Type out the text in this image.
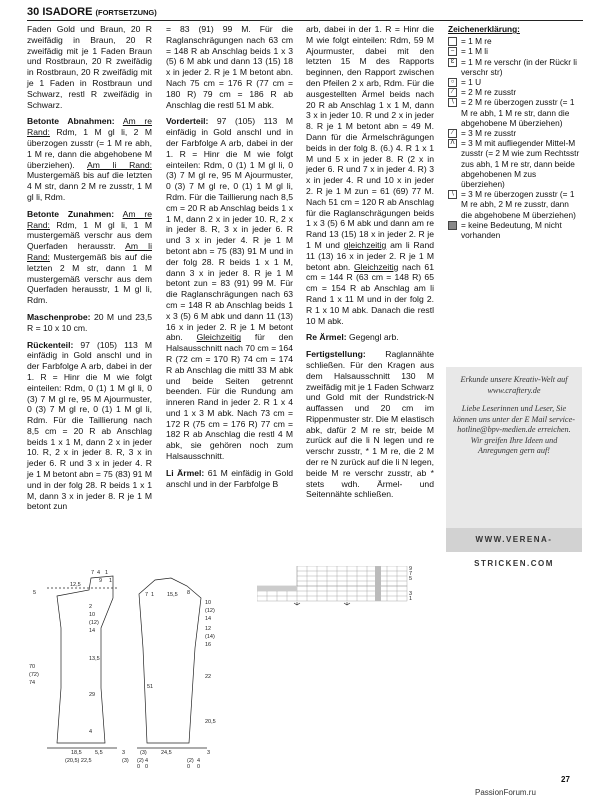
30 ISADORE (FORTSETZUNG)

Faden Gold und Braun, 20 R zweifädig in Braun, 20 R zweifädig mit je 1 Faden Braun und Rostbraun, 20 R zweifädig in Rostbraun, 20 R zweifädig mit je 1 Faden in Rostbraun und Schwarz, restl R zweifädig in Schwarz.

Betonte Abnahmen: Am re Rand: Rdm, 1 M gl li, 2 M überzogen zusstr (= 1 M re abh, 1 M re, dann die abgehobene M überziehen). Am li Rand: Mustergemäß bis auf die letzten 4 M str, dann 2 M re zusstr, 1 M gl li, Rdm.

Betonte Zunahmen: Am re Rand: Rdm, 1 M gl li, 1 M mustergemäß verschr aus dem Querfaden herausstr. Am li Rand: Mustergemäß bis auf die letzten 2 M str, dann 1 M mustergemäß verschr aus dem Querfaden herausstr, 1 M gl li, Rdm.

Maschenprobe: 20 M und 23,5 R = 10 x 10 cm.

Rückenteil: 97 (105) 113 M einfädig in Gold anschl und in der Farbfolge A arb, dabei in der 1. R = Hinr die M wie folgt einteilen: Rdm, 0 (1) 1 M gl li, 0 (3) 7 M gl re, 95 M Ajourmuster, 0 (3) 7 M gl re, 0 (1) 1 M gl li, Rdm. Für die Taillierung nach 8,5 cm = 20 R ab Anschlag beids 1 x 1 M, dann 2 x in jeder 10. R, 2 x in jeder 8. R, 3 x in jeder 6. R und 3 x in jeder 4. R je 1 M betont abn = 75 (83) 91 M und in der folg 28. R beids 1 x 1 M, dann 3 x in jeder 8. R je 1 M betont zun

= 83 (91) 99 M. Für die Raglanschrägungen nach 63 cm = 148 R ab Anschlag beids 1 x 3 (5) 6 M abk und dann 13 (15) 18 x in jeder 2. R je 1 M betont abn. Nach 75 cm = 176 R (77 cm = 180 R) 79 cm = 186 R ab Anschlag die restl 51 M abk.

Vorderteil: 97 (105) 113 M einfädig in Gold anschl und in der Farbfolge A arb, dabei in der 1. R = Hinr die M wie folgt einteilen: Rdm, 0 (1) 1 M gl li, 0 (3) 7 M gl re, 95 M Ajourmuster, 0 (3) 7 M gl re, 0 (1) 1 M gl li, Rdm. Für die Taillierung nach 8,5 cm = 20 R ab Anschlag beids 1 x 1 M, dann 2 x in jeder 10. R, 2 x in jeder 8. R, 3 x in jeder 6. R und 3 x in jeder 4. R je 1 M betont abn = 75 (83) 91 M und in der folg 28. R beids 1 x 1 M, dann 3 x in jeder 8. R je 1 M betont zun = 83 (91) 99 M. Für die Raglanschrägungen nach 63 cm = 148 R ab Anschlag beids 1 x 3 (5) 6 M abk und dann 11 (13) 16 x in jeder 2. R je 1 M betont abn. Gleichzeitig für den Halsausschnitt nach 70 cm = 164 R (72 cm = 170 R) 74 cm = 174 R ab Anschlag die mittl 33 M abk und beide Seiten getrennt beenden. Für die Rundung am inneren Rand in jeder 2. R 1 x 4 und 1 x 3 M abk. Nach 73 cm = 172 R (75 cm = 176 R) 77 cm = 182 R ab Anschlag die restl 4 M abk, sie gehören noch zum Halsausschnitt.

Li Ärmel: 61 M einfädig in Gold anschl und in der Farbfolge B

arb, dabei in der 1. R = Hinr die M wie folgt einteilen: Rdm, 59 M Ajourmuster, dabei mit den letzten 15 M des Rapports beginnen, den Rapport zwischen den Pfeilen 2 x arb, Rdm. Für die ausgestellten Ärmel beids nach 20 R ab Anschlag 1 x 1 M, dann 3 x in jeder 10. R und 2 x in jeder 8. R je 1 M betont abn = 49 M. Dann für die Ärmelschrägungen beids in der folg 8. (6.) 4. R 1 x 1 M und 5 x in jeder 8. R (2 x in jeder 6. R und 7 x in jeder 4. R) 3 x in jeder 4. R und 10 x in jeder 2. R je 1 M zun = 61 (69) 77 M. Nach 51 cm = 120 R ab Anschlag für die Raglanschrägungen beids 1 x 3 (5) 6 M abk und dann am re Rand 13 (15) 18 x in jeder 2. R je 1 M und gleichzeitig am li Rand 11 (13) 16 x in jeder 2. R je 1 M betont abn. Gleichzeitig nach 61 cm = 144 R (63 cm = 148 R) 65 cm = 154 R ab Anschlag am li Rand 1 x 11 M und in der folg 2. R 1 x 10 M abk. Danach die restl 10 M abk.

Re Ärmel: Gegengl arb.

Fertigstellung: Raglannähte schließen. Für den Kragen aus dem Halsausschnitt 130 M zweifädig mit je 1 Faden Schwarz und Gold mit der Rundstrick-N auffassen und 20 cm im Rippenmuster str. Die M elastisch abk, dafür 2 M re str, beide M zurück auf die li N legen und re verschr zusstr, * 1 M re, die 2 M der re N zurück auf die li N legen, beide M re verschr zusstr, ab * stets wdh. Ärmel- und Seitennähte schließen.

Zeichenerklärung:
= 1 M re
– = 1 M li
Ɛ = 1 M re verschr (in der Rückr li verschr str)
○ = 1 U
∕ = 2 M re zusstr
∖ = 2 M re überzogen zusstr (= 1 M re abh, 1 M re str, dann die abgehobene M überziehen)
∕ = 3 M re zusstr
Λ = 3 M mit aufliegender Mittel-M zusstr (= 2 M wie zum Rechtsstr zus abh, 1 M re str, dann beide abgehobenen M zus überziehen)
∖ = 3 M re überzogen zusstr (= 1 M re abh, 2 M re zusstr, dann die abgehobene M überziehen)
= keine Bedeutung, M nicht vorhanden

Erkunde unsere Kreativ-Welt auf www.craftery.de

Liebe Leserinnen und Leser, Sie können uns unter der E Mail service-hotline@bpv-medien.de erreichen. Wir greifen Ihre Ideen und Anregungen gern auf!

WWW.VERENA-STRICKEN.COM
12,5
7
9 1
4 1
5
2
10
(12)
14
13,5
29
70
(72)
74
4
18,5 5,5
(20,5) 22,5
(3)
3	24,5
(3) (2) 4
0 0
(2) 4
0 0
3
7 1 15,5 8
10
(12)
14
12
(14)
16
22
20,5
51
9
7
5
3
1
27
PassionForum.ru
